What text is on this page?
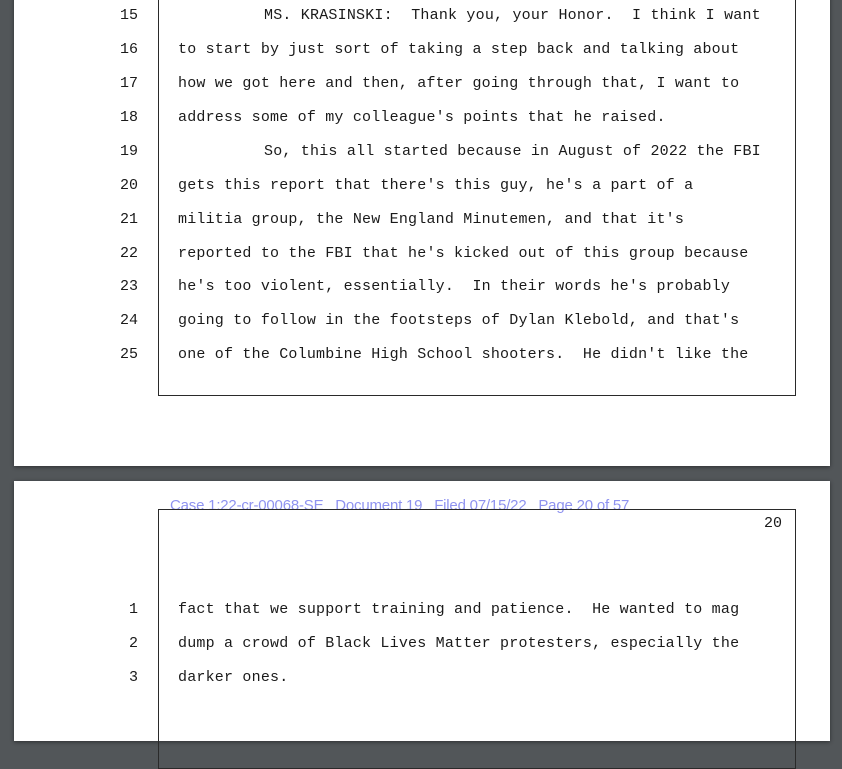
15	MS. KRASINSKI:  Thank you, your Honor.  I think I want
16	to start by just sort of taking a step back and talking about
17	how we got here and then, after going through that, I want to
18	address some of my colleague's points that he raised.
19	So, this all started because in August of 2022 the FBI
20	gets this report that there's this guy, he's a part of a
21	militia group, the New England Minutemen, and that it's
22	reported to the FBI that he's kicked out of this group because
23	he's too violent, essentially.  In their words he's probably
24	going to follow in the footsteps of Dylan Klebold, and that's
25	one of the Columbine High School shooters.  He didn't like the
Case 1:22-cr-00068-SE   Document 19   Filed 07/15/22   Page 20 of 57
20
1	fact that we support training and patience.  He wanted to mag
2	dump a crowd of Black Lives Matter protesters, especially the
3	darker ones.
